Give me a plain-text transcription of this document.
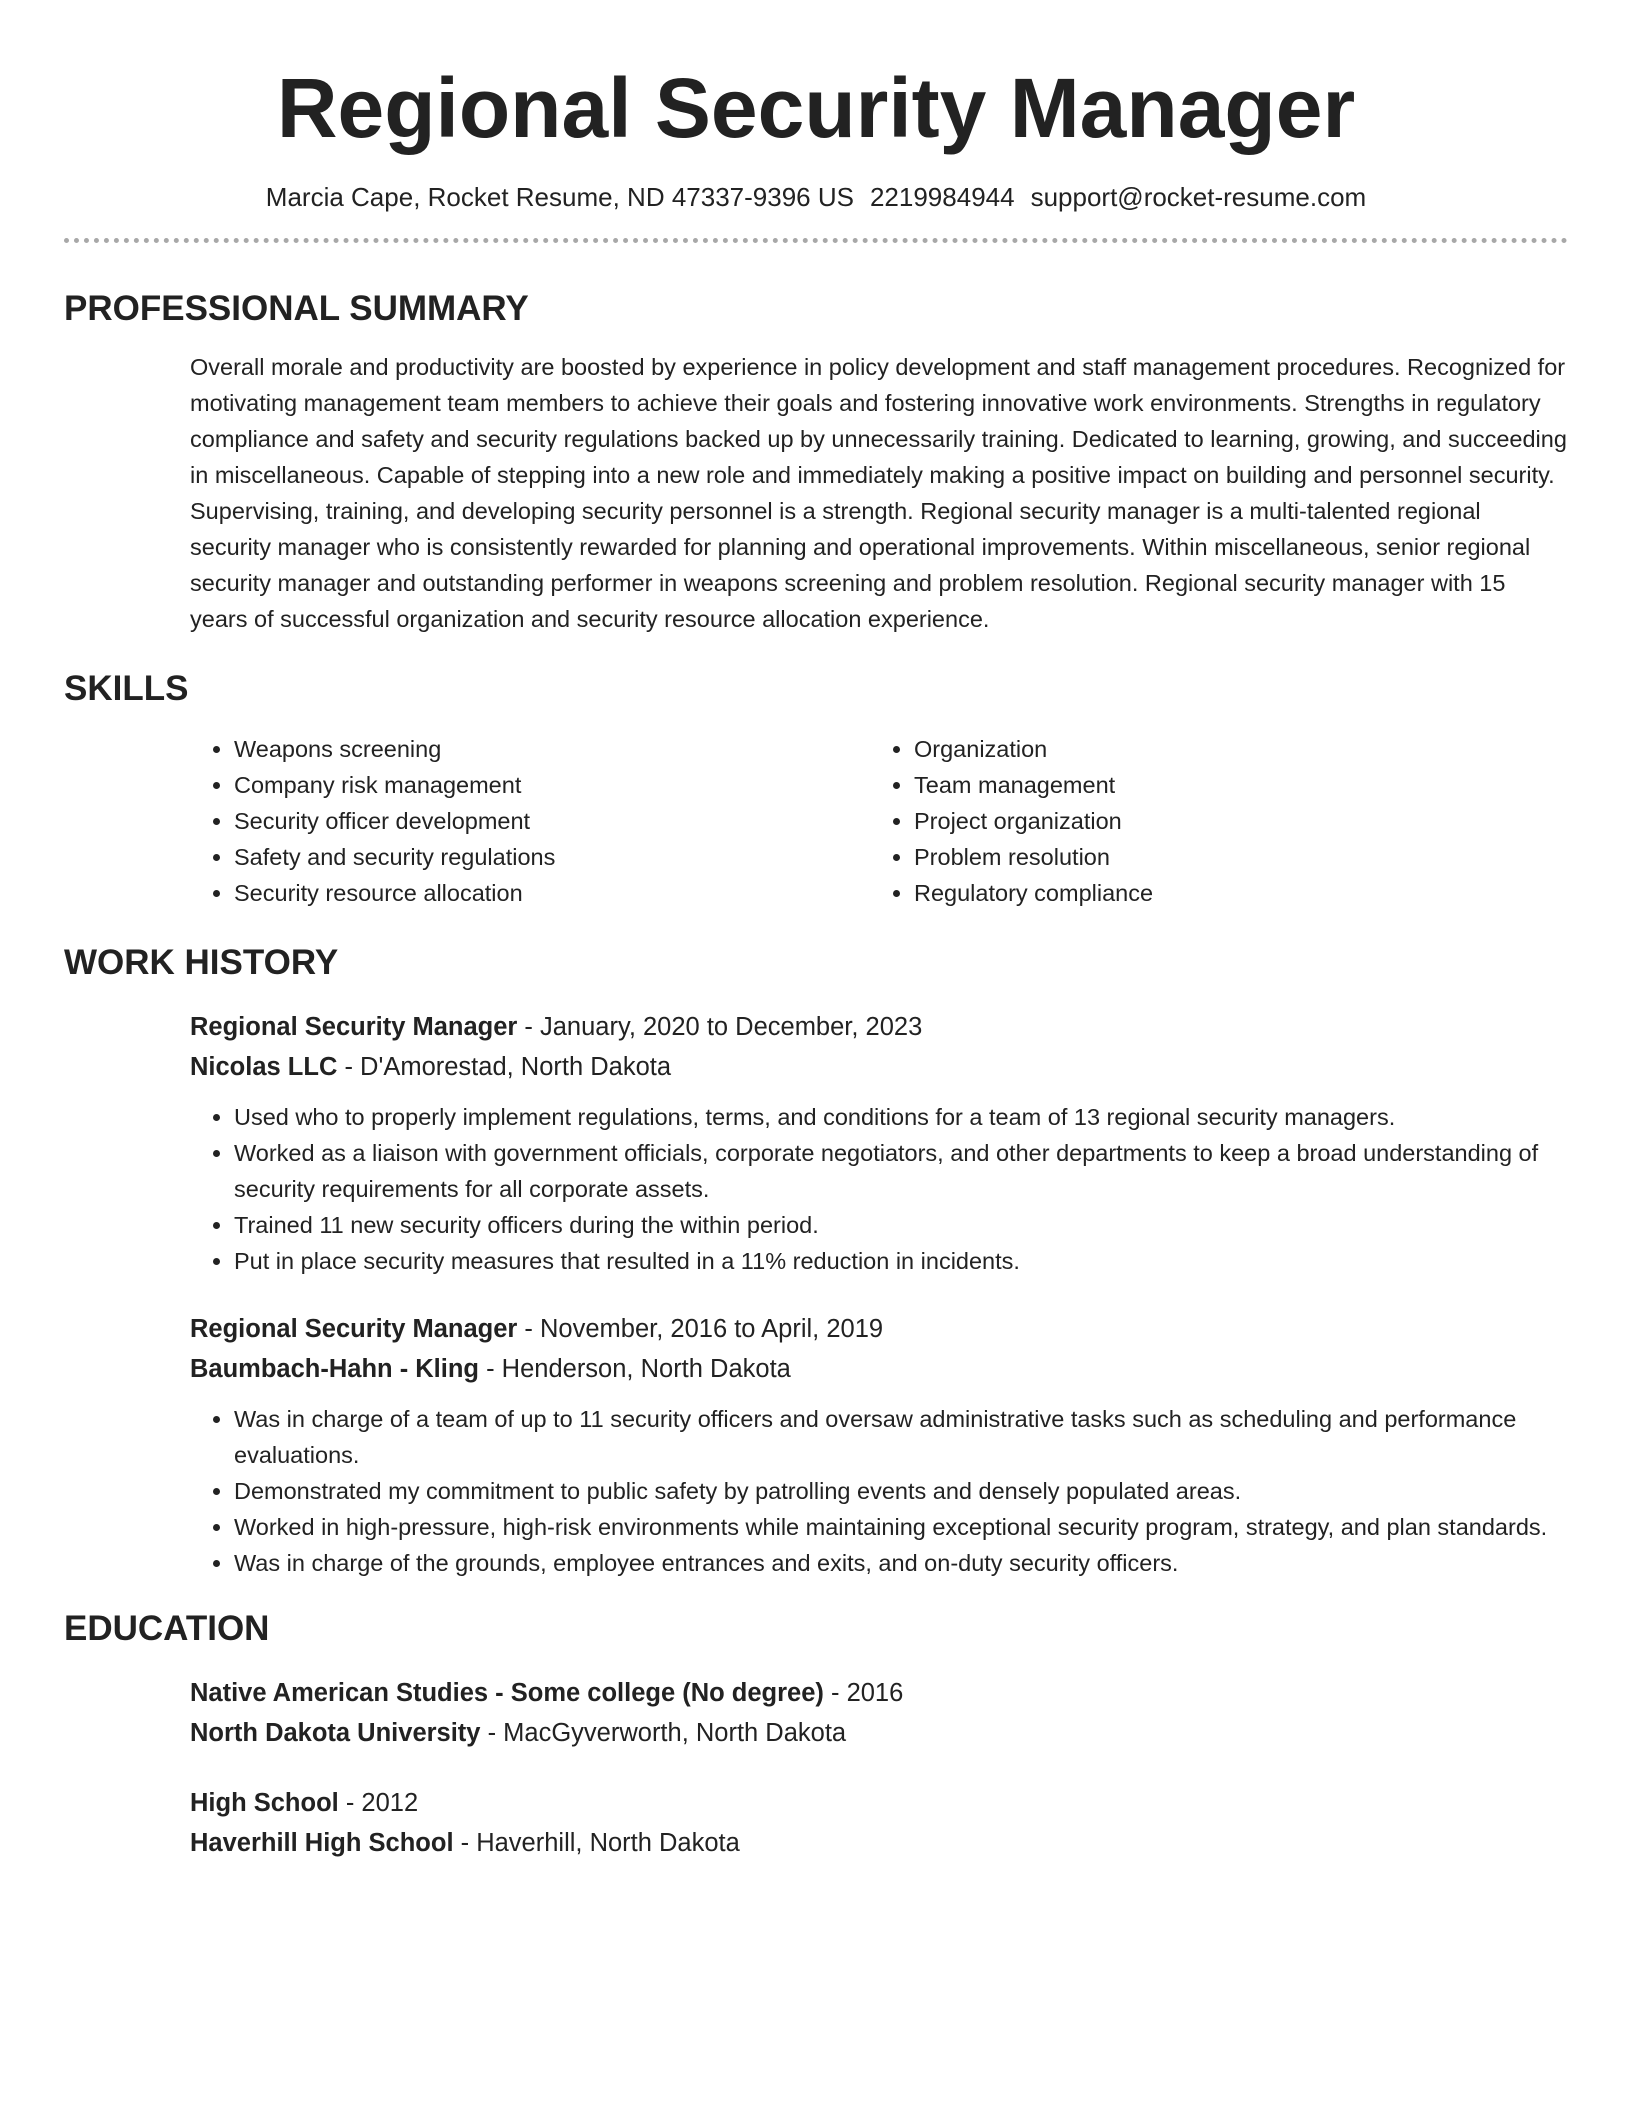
Regional Security Manager
Marcia Cape, Rocket Resume, ND 47337-9396 US 2219984944 support@rocket-resume.com
PROFESSIONAL SUMMARY

Overall morale and productivity are boosted by experience in policy development and staff management procedures. Recognized for motivating management team members to achieve their goals and fostering innovative work environments. Strengths in regulatory compliance and safety and security regulations backed up by unnecessarily training. Dedicated to learning, growing, and succeeding in miscellaneous. Capable of stepping into a new role and immediately making a positive impact on building and personnel security. Supervising, training, and developing security personnel is a strength. Regional security manager is a multi-talented regional security manager who is consistently rewarded for planning and operational improvements. Within miscellaneous, senior regional security manager and outstanding performer in weapons screening and problem resolution. Regional security manager with 15 years of successful organization and security resource allocation experience.

SKILLS
• Weapons screening
• Company risk management
• Security officer development
• Safety and security regulations
• Security resource allocation
• Organization
• Team management
• Project organization
• Problem resolution
• Regulatory compliance
WORK HISTORY
Regional Security Manager - January, 2020 to December, 2023
Nicolas LLC - D'Amorestad, North Dakota
• Used who to properly implement regulations, terms, and conditions for a team of 13 regional security managers.
• Worked as a liaison with government officials, corporate negotiators, and other departments to keep a broad understanding of security requirements for all corporate assets.
• Trained 11 new security officers during the within period.
• Put in place security measures that resulted in a 11% reduction in incidents.
Regional Security Manager - November, 2016 to April, 2019
Baumbach-Hahn - Kling - Henderson, North Dakota
• Was in charge of a team of up to 11 security officers and oversaw administrative tasks such as scheduling and performance evaluations.
• Demonstrated my commitment to public safety by patrolling events and densely populated areas.
• Worked in high-pressure, high-risk environments while maintaining exceptional security program, strategy, and plan standards.
• Was in charge of the grounds, employee entrances and exits, and on-duty security officers.
EDUCATION
Native American Studies - Some college (No degree) - 2016
North Dakota University - MacGyverworth, North Dakota
High School - 2012
Haverhill High School - Haverhill, North Dakota
